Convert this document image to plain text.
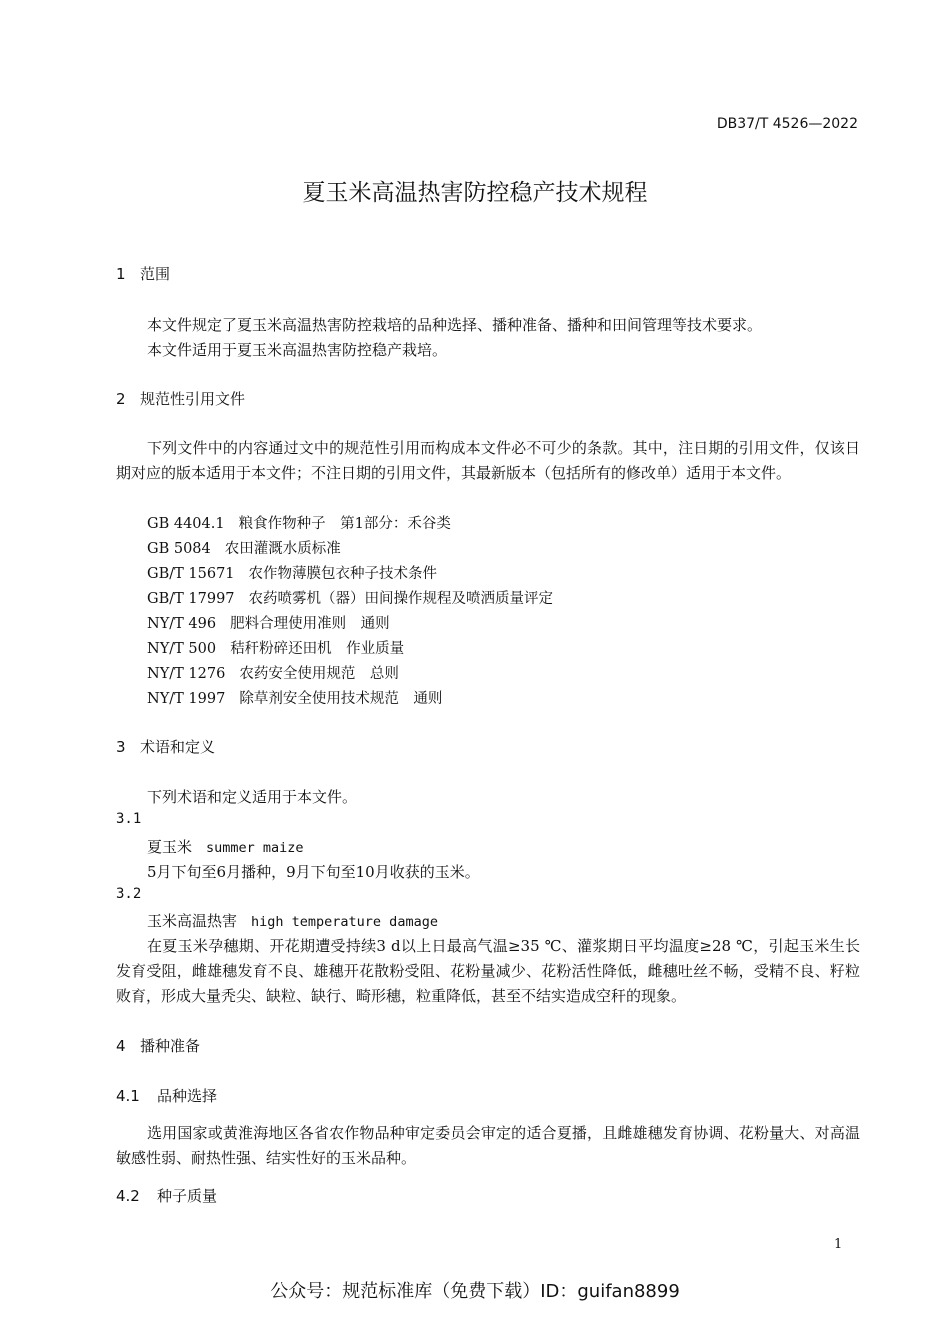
DB37/T 4526—2022
夏玉米高温热害防控稳产技术规程
1 范围
本文件规定了夏玉米高温热害防控栽培的品种选择、播种准备、播种和田间管理等技术要求。
本文件适用于夏玉米高温热害防控稳产栽培。
2 规范性引用文件
下列文件中的内容通过文中的规范性引用而构成本文件必不可少的条款。其中，注日期的引用文件，仅该日期对应的版本适用于本文件；不注日期的引用文件，其最新版本（包括所有的修改单）适用于本文件。
GB 4404.1 粮食作物种子　第1部分：禾谷类
GB 5084 农田灌溉水质标准
GB/T 15671 农作物薄膜包衣种子技术条件
GB/T 17997 农药喷雾机（器）田间操作规程及喷洒质量评定
NY/T 496 肥料合理使用准则　通则
NY/T 500 秸秆粉碎还田机　作业质量
NY/T 1276 农药安全使用规范　总则
NY/T 1997 除草剂安全使用技术规范　通则
3 术语和定义
下列术语和定义适用于本文件。
3.1
夏玉米 summer maize
5月下旬至6月播种，9月下旬至10月收获的玉米。
3.2
玉米高温热害 high temperature damage
在夏玉米孕穗期、开花期遭受持续3 d以上日最高气温≥35 ℃、灌浆期日平均温度≥28 ℃，引起玉米生长发育受阻，雌雄穗发育不良、雄穗开花散粉受阻、花粉量减少、花粉活性降低，雌穗吐丝不畅，受精不良、籽粒败育，形成大量秃尖、缺粒、缺行、畸形穗，粒重降低，甚至不结实造成空秆的现象。
4 播种准备
4.1 品种选择
选用国家或黄淮海地区各省农作物品种审定委员会审定的适合夏播，且雌雄穗发育协调、花粉量大、对高温敏感性弱、耐热性强、结实性好的玉米品种。
4.2 种子质量
1
公众号：规范标准库（免费下载）ID：guifan8899
